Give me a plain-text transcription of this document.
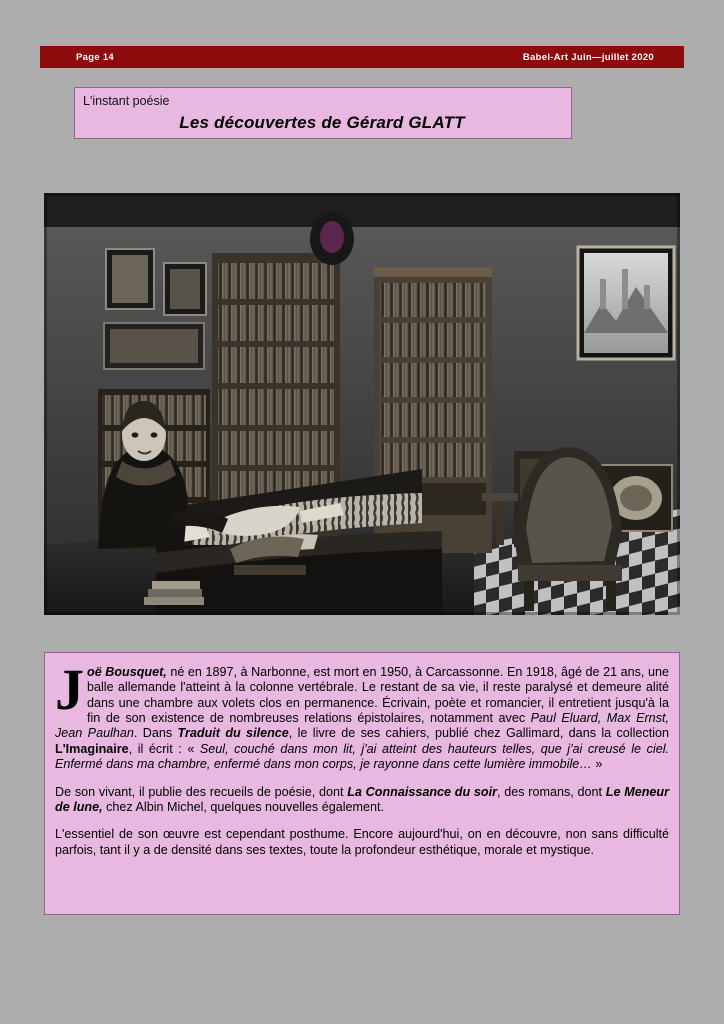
Page 14	Babel-Art Juin—juillet 2020
L'instant poésie
Les découvertes de Gérard GLATT

Joë Bousquet, né en 1897, à Narbonne, est mort en 1950, à Carcassonne. En 1918, âgé de 21 ans, une balle allemande l'atteint à la colonne vertébrale. Le restant de sa vie, il reste paralysé et demeure alité dans une chambre aux volets clos en permanence. Écrivain, poète et romancier, il entretient jusqu'à la fin de son existence de nombreuses relations épistolaires, notamment avec Paul Eluard, Max Ernst, Jean Paulhan. Dans Traduit du silence, le livre de ses cahiers, publié chez Gallimard, dans la collection L'Imaginaire, il écrit : « Seul, couché dans mon lit, j'ai atteint des hauteurs telles, que j'ai creusé le ciel. Enfermé dans ma chambre, enfermé dans mon corps, je rayonne dans cette lumière immobile… »

De son vivant, il publie des recueils de poésie, dont La Connaissance du soir, des romans, dont Le Meneur de lune, chez Albin Michel, quelques nouvelles également.

L'essentiel de son œuvre est cependant posthume. Encore aujourd'hui, on en découvre, non sans difficulté parfois, tant il y a de densité dans ses textes, toute la profondeur esthétique, morale et mystique.
